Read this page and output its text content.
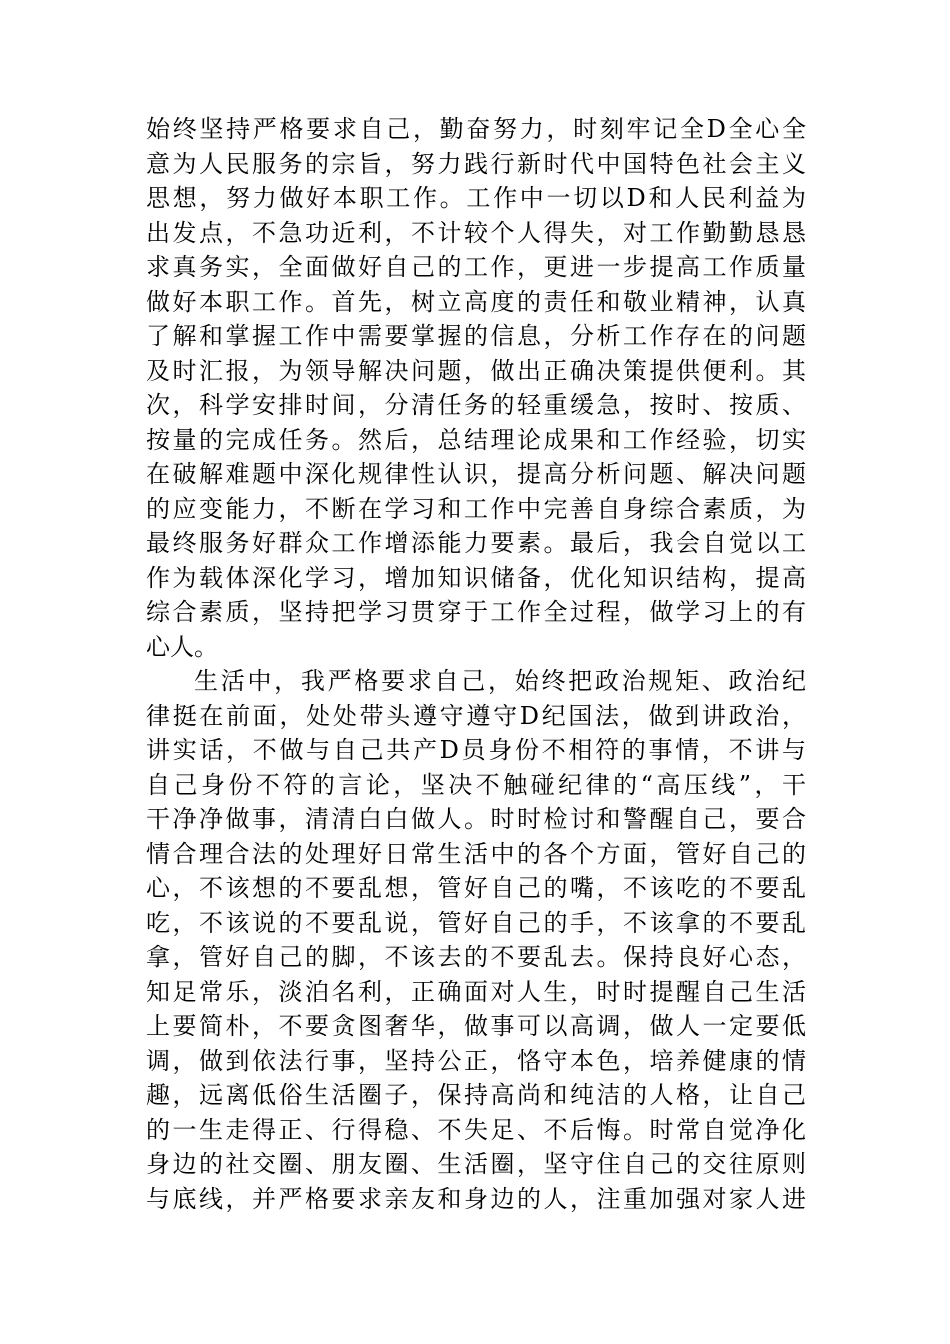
始终坚持严格要求自己，勤奋努力，时刻牢记全D全心全
意为人民服务的宗旨，努力践行新时代中国特色社会主义
思想，努力做好本职工作。工作中一切以D和人民利益为
出发点，不急功近利，不计较个人得失，对工作勤勤恳恳
求真务实，全面做好自己的工作，更进一步提高工作质量
做好本职工作。首先，树立高度的责任和敬业精神，认真
了解和掌握工作中需要掌握的信息，分析工作存在的问题
及时汇报，为领导解决问题，做出正确决策提供便利。其
次，科学安排时间，分清任务的轻重缓急，按时、按质、
按量的完成任务。然后，总结理论成果和工作经验，切实
在破解难题中深化规律性认识，提高分析问题、解决问题
的应变能力，不断在学习和工作中完善自身综合素质，为
最终服务好群众工作增添能力要素。最后，我会自觉以工
作为载体深化学习，增加知识储备，优化知识结构，提高
综合素质，坚持把学习贯穿于工作全过程，做学习上的有
心人。
生活中，我严格要求自己，始终把政治规矩、政治纪
律挺在前面，处处带头遵守遵守D纪国法，做到讲政治，
讲实话，不做与自己共产D员身份不相符的事情，不讲与
自己身份不符的言论，坚决不触碰纪律的“高压线”，干
干净净做事，清清白白做人。时时检讨和警醒自己，要合
情合理合法的处理好日常生活中的各个方面，管好自己的
心，不该想的不要乱想，管好自己的嘴，不该吃的不要乱
吃，不该说的不要乱说，管好自己的手，不该拿的不要乱
拿，管好自己的脚，不该去的不要乱去。保持良好心态，
知足常乐，淡泊名利，正确面对人生，时时提醒自己生活
上要简朴，不要贪图奢华，做事可以高调，做人一定要低
调，做到依法行事，坚持公正，恪守本色，培养健康的情
趣，远离低俗生活圈子，保持高尚和纯洁的人格，让自己
的一生走得正、行得稳、不失足、不后悔。时常自觉净化
身边的社交圈、朋友圈、生活圈，坚守住自己的交往原则
与底线，并严格要求亲友和身边的人，注重加强对家人进
